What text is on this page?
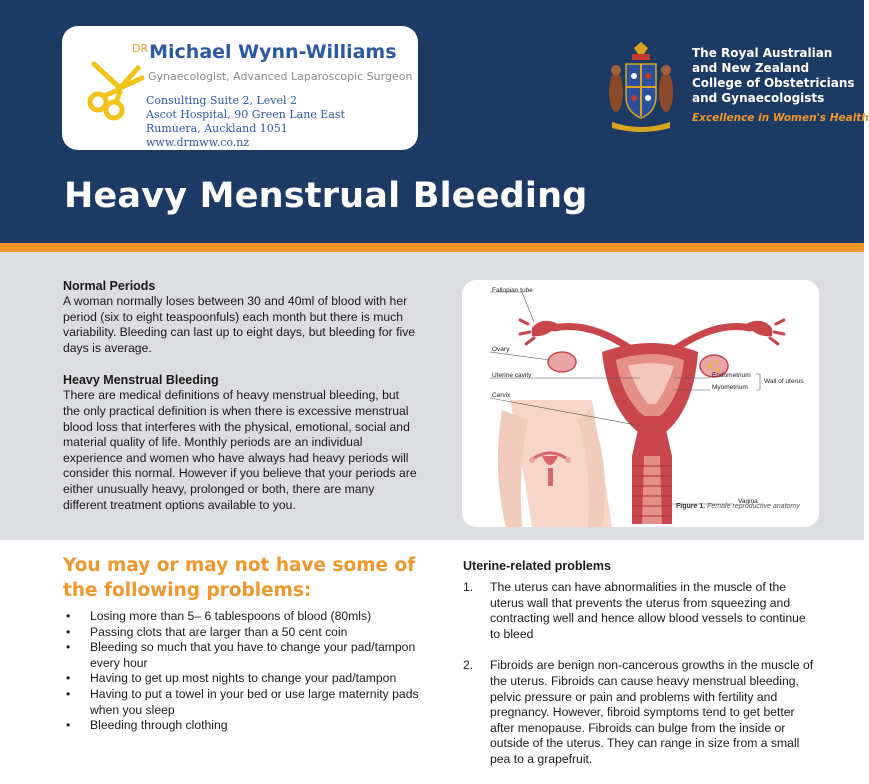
$^{DR}$Michael Wynn-Williams
Gynaecologist, Advanced Laparoscopic Surgeon
Consulting Suite 2, Level 2
Ascot Hospital, 90 Green Lane East
Rumuera, Auckland 1051
www.drmww.co.nz
The Royal Australian
and New Zealand
College of Obstetricians
and Gynaecologists
Excellence in Women's Health
Heavy Menstrual Bleeding
Normal Periods

A woman normally loses between 30 and 40ml of blood with her period (six to eight teaspoonfuls) each month but there is much variability. Bleeding can last up to eight days, but bleeding for five days is average.

Heavy Menstrual Bleeding

There are medical definitions of heavy menstrual bleeding, but the only practical definition is when there is excessive menstrual blood loss that interferes with the physical, emotional, social and material quality of life. Monthly periods are an individual experience and women who have always had heavy periods will consider this normal. However if you believe that your periods are either unusually heavy, prolonged or both, there are many different treatment options available to you.

Fallopian tube
Ovary
Uterine cavity
Cervix
Endometrium
Myometrium
Wall of uterus
Vagina
Figure 1. Female reproductive anatomy
You may or may not have some of the following problems:
• Losing more than 5– 6 tablespoons of blood (80mls)
• Passing clots that are larger than a 50 cent coin
• Bleeding so much that you have to change your pad/tampon every hour
• Having to get up most nights to change your pad/tampon
• Having to put a towel in your bed or use large maternity pads when you sleep
• Bleeding through clothing
Uterine-related problems
1. The uterus can have abnormalities in the muscle of the uterus wall that prevents the uterus from squeezing and contracting well and hence allow blood vessels to continue to bleed
2. Fibroids are benign non-cancerous growths in the muscle of the uterus. Fibroids can cause heavy menstrual bleeding, pelvic pressure or pain and problems with fertility and pregnancy. However, fibroid symptoms tend to get better after menopause. Fibroids can bulge from the inside or outside of the uterus. They can range in size from a small pea to a grapefruit.
